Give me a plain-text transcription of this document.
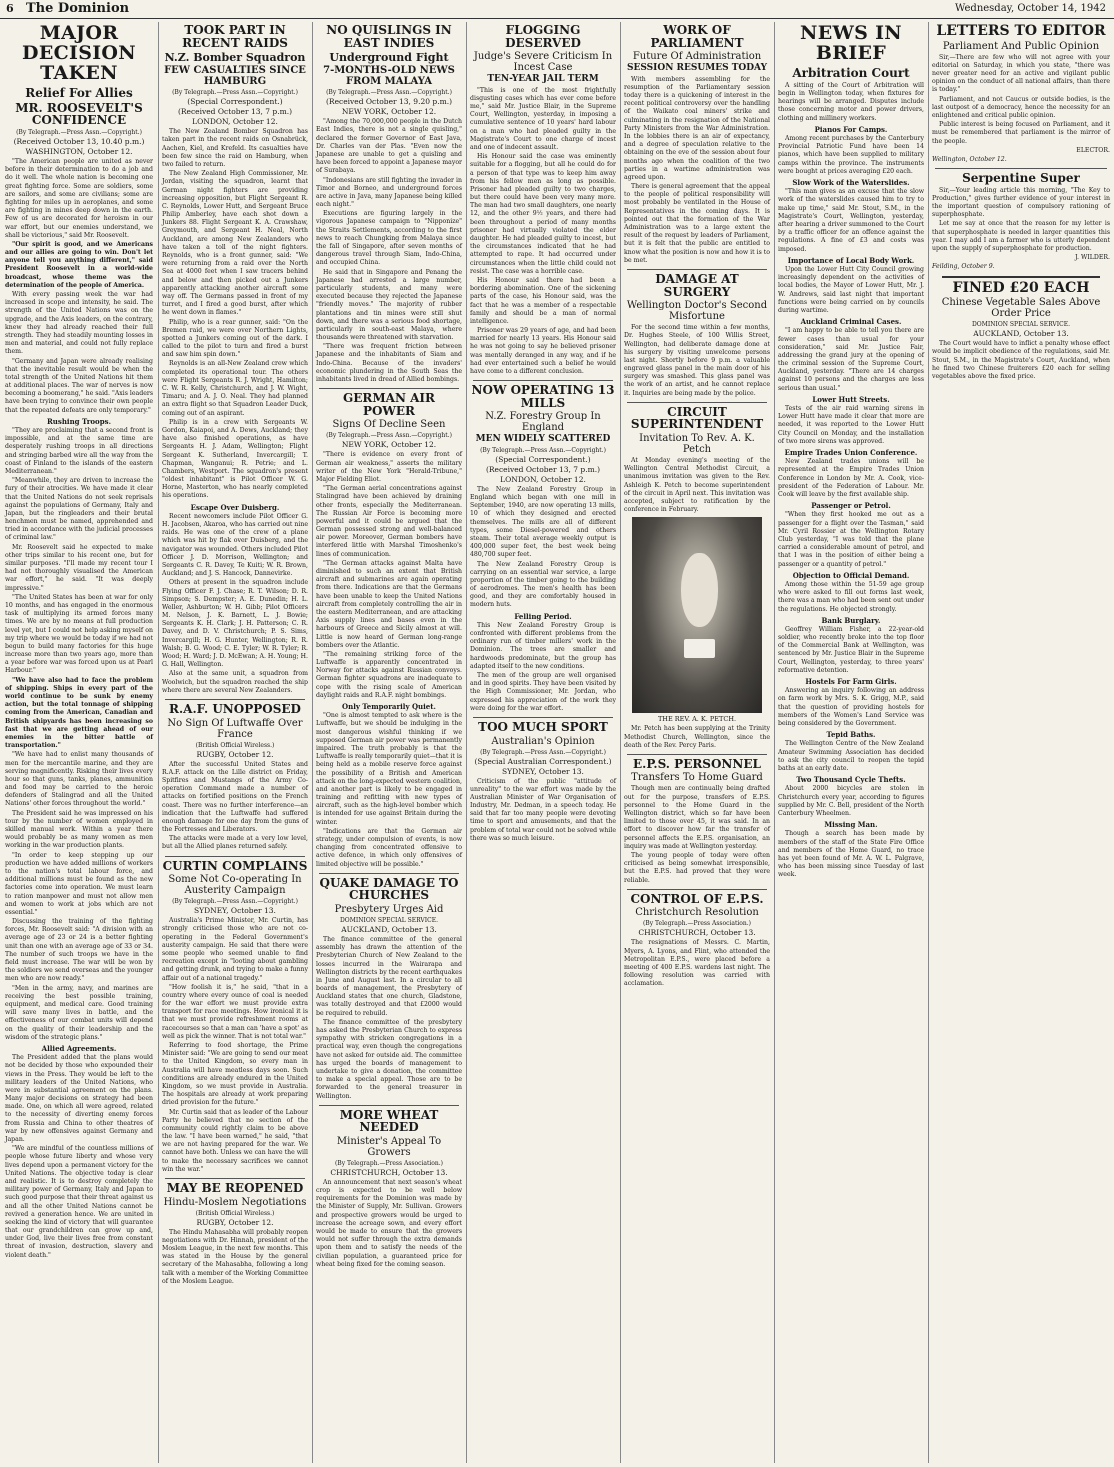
6 The Dominion	Wednesday, October 14, 1942
MAJOR DECISION TAKEN
Relief For Allies
MR. ROOSEVELT'S CONFIDENCE
(By Telegraph.—Press Assn.—Copyright.)
(Received October 13, 10.40 p.m.)
WASHINGTON, October 12.

"The American people are united as never before in their determination to do a job and do it well. The whole nation is becoming one great fighting force. Some are soldiers, some are sailors, and some are civilians; some are fighting for miles up in aeroplanes, and some are fighting in mines deep down in the earth. Few of us are decorated for heroism in our war effort, but our enemies understand, we shall be victorious," said Mr. Roosevelt.

"Our spirit is good, and we Americans and our allies are going to win. Don't let anyone tell you anything different," said President Roosevelt in a world-wide broadcast, whose theme was the determination of the people of America.

With every passing week the war had increased in scope and intensity, he said. The strength of the United Nations was on the upgrade, and the Axis leaders, on the contrary, knew they had already reached their full strength. They had steadily mounting losses in men and material, and could not fully replace them.

"Germany and Japan were already realising that the inevitable result would be when the total strength of the United Nations hit them at additional places. The war of nerves is now becoming a boomerang," he said. "Axis leaders have been trying to convince their own people that the repeated defeats are only temporary."

Rushing Troops.

"They are proclaiming that a second front is impossible, and at the same time are desperately rushing troops in all directions and stringing barbed wire all the way from the coast of Finland to the islands of the eastern Mediterranean."

"Meanwhile, they are driven to increase the fury of their atrocities. We have made it clear that the United Nations do not seek reprisals against the populations of Germany, Italy and Japan, but the ringleaders and their brutal henchmen must be named, apprehended and tried in accordance with the judicial processes of criminal law."

Mr. Roosevelt said he expected to make other trips similar to his recent one, but for similar purposes. "I'll made my recent tour I had not thoroughly visualised the American war effort," he said. "It was deeply impressive."

"The United States has been at war for only 10 months, and has engaged in the enormous task of multiplying its armed forces many times. We are by no means at full production level yet, but I could not help asking myself on my trip where we would be today if we had not begun to build many factories for this huge increase more than two years ago, more than a year before war was forced upon us at Pearl Harbour."

"We have also had to face the problem of shipping. Ships in every part of the world continue to be sunk by enemy action, but the total tonnage of shipping coming from the American, Canadian and British shipyards has been increasing so fast that we are getting ahead of our enemies in the bitter battle of transportation."

"We have had to enlist many thousands of men for the mercantile marine, and they are serving magnificently. Risking their lives every hour so that guns, tanks, planes, ammunition and food may be carried to the heroic defenders of Stalingrad and all the United Nations' other forces throughout the world."

The President said he was impressed on his tour by the number of women employed in skilled manual work. Within a year there would probably be as many women as men working in the war production plants.

"In order to keep stepping up our production we have added millions of workers to the nation's total labour force, and additional millions must be found as the new factories come into operation. We must learn to ration manpower and must not allow men and women to work at jobs which are not essential."

Discussing the training of the fighting forces, Mr. Roosevelt said: "A division with an average age of 23 or 24 is a better fighting unit than one with an average age of 33 or 34. The number of such troops we have in the field must increase. The war will be won by the soldiers we send overseas and the younger men who are now ready."

"Men in the army, navy, and marines are receiving the best possible training, equipment, and medical care. Good training will save many lives in battle, and the effectiveness of our combat units will depend on the quality of their leadership and the wisdom of the strategic plans."

Allied Agreements.

The President added that the plans would not be decided by those who expounded their views in the Press. They would be left to the military leaders of the United Nations, who were in substantial agreement on the plans. Many major decisions on strategy had been made. One, on which all were agreed, related to the necessity of diverting enemy forces from Russia and China to other theatres of war by new offensives against Germany and Japan.

"We are mindful of the countless millions of people whose future liberty and whose very lives depend upon a permanent victory for the United Nations. The objective today is clear and realistic. It is to destroy completely the military power of Germany, Italy and Japan to such good purpose that their threat against us and all the other United Nations cannot be revived a generation hence. We are united in seeking the kind of victory that will guarantee that our grandchildren can grow up and, under God, live their lives free from constant threat of invasion, destruction, slavery and violent death."

TOOK PART IN RECENT RAIDS
N.Z. Bomber Squadron
FEW CASUALTIES SINCE HAMBURG
(By Telegraph.—Press Assn.—Copyright.)
(Special Correspondent.)
(Received October 13, 7 p.m.)
LONDON, October 12.

The New Zealand Bomber Squadron has taken part in the recent raids on Osnabrück, Aachen, Kiel, and Krefeld. Its casualties have been few since the raid on Hamburg, when two failed to return.

The New Zealand High Commissioner, Mr. Jordan, visiting the squadron, learnt that German night fighters are providing increasing opposition, but Flight Sergeant R. C. Reynolds, Lower Hutt, and Sergeant Bruce Philip Amberley, have each shot down a Junkers 88. Flight Sergeant K. A. Crawshaw, Greymouth, and Sergeant H. Neal, North Auckland, are among New Zealanders who have taken a toll of the night fighters. Reynolds, who is a front gunner, said: "We were returning from a raid over the North Sea at 4000 feet when I saw tracers behind and below and then picked out a Junkers apparently attacking another aircraft some way off. The Germans passed in front of my turret, and I fired a good burst, after which he went down in flames."

Philip, who is a rear gunner, said: "On the Bremen raid, we were over Northern Lights, spotted a Junkers coming out of the dark. I called to the pilot to turn and fired a burst and saw him spin down."

Reynolds is an all-New Zealand crew which completed its operational tour. The others were Flight Sergeants R. J. Wright, Hamilton; C. W. R. Kelly, Christchurch, and J. W. Wight, Timaru; and A. J. O. Neal. They had planned an extra flight so that Squadron Leader Duck, coming out of an aspirant.

Philip is in a crew with Sergeants W. Gordon, Kaiapoi, and A. Dews, Auckland; they have also finished operations, as have Sergeants H. J. Adam, Wellington; Flight Sergeant K. Sutherland, Invercargill; T. Chapman, Wanganui; R. Petrie; and L. Chambers, Westport. The squadron's present "oldest inhabitant" is Pilot Officer W. G. Horne, Masterton, who has nearly completed his operations.

Escape Over Duisberg.

Recent newcomers include Pilot Officer G. H. Jacobsen, Akaroa, who has carried out nine raids. He was one of the crew of a plane which was hit by flak over Duisberg, and the navigator was wounded. Others included Pilot Officer J. D. Morrison, Wellington; and Sergeants C. R. Davey, Te Kuiti; W. R. Brown, Auckland; and J. S. Hancock, Dannevirke.

Others at present in the squadron include Flying Officer F. J. Chase; R. T. Wilson; D. R. Simpson; S. Dempster; A. E. Dunedin; H. L. Weller, Ashburton; W. H. Gibb; Pilot Officers M. Nelson, J. K. Barnett, L. J. Bowie; Sergeants K. H. Clark; J. H. Patterson; C. R. Davey, and D. V. Christchurch; P. S. Sims, Invercargill; H. G. Hunter, Wellington; R. R. Walsh; B. G. Wood; C. E. Tyler; W. R. Tyler; R. Wood; H. Ward; J. D. McEwan; A. H. Young; H. G. Hall, Wellington.

Also at the same unit, a squadron from Woolwich, but the squadron reached the ship where there are several New Zealanders.

R.A.F. UNOPPOSED
No Sign Of Luftwaffe Over France
(British Official Wireless.)
RUGBY, October 12.

After the successful United States and R.A.F. attack on the Lille district on Friday, Spitfires and Mustangs of the Army Co-operation Command made a number of attacks on fortified positions on the French coast. There was no further interference—an indication that the Luftwaffe had suffered enough damage for one day from the guns of the Fortresses and Liberators.

The attacks were made at a very low level, but all the Allied planes returned safely.

CURTIN COMPLAINS
Some Not Co-operating In Austerity Campaign
(By Telegraph.—Press Assn.—Copyright.)
SYDNEY, October 13.

Australia's Prime Minister, Mr. Curtin, has strongly criticised those who are not co-operating in the Federal Government's austerity campaign. He said that there were some people who seemed unable to find recreation except in "looting about gambling and getting drunk, and trying to make a funny affair out of a national tragedy."

"How foolish it is," he said, "that in a country where every ounce of coal is needed for the war effort we must provide extra transport for race meetings. How ironical it is that we must provide refreshment rooms at racecourses so that a man can 'have a spot' as well as pick the winner. That is not total war."

Referring to food shortage, the Prime Minister said: "We are going to send our meat to the United Kingdom, so every man in Australia will have meatless days soon. Such conditions are already endured in the United Kingdom, so we must provide in Australia. The hospitals are already at work preparing dried provision for the future."

Mr. Curtin said that as leader of the Labour Party he believed that no section of the community could rightly claim to be above the law. "I have been warned," he said, "that we are not having prepared for the war. We cannot have both. Unless we can have the will to make the necessary sacrifices we cannot win the war."

MAY BE REOPENED
Hindu-Moslem Negotiations
(British Official Wireless.)
RUGBY, October 12.

The Hindu Mahasabha will probably reopen negotiations with Dr. Hinnah, president of the Moslem League, in the next few months. This was stated in the House by the general secretary of the Mahasabha, following a long talk with a member of the Working Committee of the Moslem League.

NO QUISLINGS IN EAST INDIES
Underground Fight
7-MONTHS-OLD NEWS FROM MALAYA
(By Telegraph.—Press Assn.—Copyright.)
(Received October 13, 9.20 p.m.)
NEW YORK, October 12.

"Among the 70,000,000 people in the Dutch East Indies, there is not a single quisling," declared the former Governor of East Java, Dr. Charles van der Plas. "Even now the Japanese are unable to get a quisling and have been forced to appoint a Japanese mayor of Surabaya.

"Indonesians are still fighting the invader in Timor and Borneo, and underground forces are active in Java, many Japanese being killed each night."

Executions are figuring largely in the vigorous Japanese campaign to "Nipponize" the Straits Settlements, according to the first news to reach Chungking from Malaya since the fall of Singapore, after seven months of dangerous travel through Siam, Indo-China, and occupied China.

He said that in Singapore and Penang the Japanese had arrested a large number, particularly students, and many were executed because they rejected the Japanese "friendly moves." The majority of rubber plantations and tin mines were still shut down, and there was a serious food shortage, particularly in south-east Malaya, where thousands were threatened with starvation.

"There was frequent friction between Japanese and the inhabitants of Siam and Indo-China. Because of the invaders' economic plundering in the South Seas the inhabitants lived in dread of Allied bombings.

GERMAN AIR POWER
Signs Of Decline Seen
(By Telegraph.—Press Assn.—Copyright.)
NEW YORK, October 12.

"There is evidence on every front of German air weakness," asserts the military writer of the New York "Herald-Tribune," Major Fielding Eliot.

"The German aerial concentrations against Stalingrad have been achieved by draining other fronts, especially the Mediterranean. The Russian Air Force is becoming more powerful and it could be argued that the German possessed strong and well-balanced air power. Moreover, German bombers have interfered little with Marshal Timoshenko's lines of communication.

"The German attacks against Malta have diminished to such an extent that British aircraft and submarines are again operating from there. Indications are that the Germans have been unable to keep the United Nations aircraft from completely controlling the air in the eastern Mediterranean, and are attacking Axis supply lines and bases even in the harbours of Greece and Sicily almost at will. Little is now heard of German long-range bombers over the Atlantic.

"The remaining striking force of the Luftwaffe is apparently concentrated in Norway for attacks against Russian convoys. German fighter squadrons are inadequate to cope with the rising scale of American daylight raids and R.A.F. night bombings.

Only Temporarily Quiet.

"One is almost tempted to ask where is the Luftwaffe, but we should be indulging in the most dangerous wishful thinking if we supposed German air power was permanently impaired. The truth probably is that the Luftwaffe is really temporarily quiet—that it is being held as a mobile reserve force against the possibility of a British and American attack on the long-expected western coalition, and another part is likely to be engaged in training and refitting with new types of aircraft, such as the high-level bomber which is intended for use against Britain during the winter.

"Indications are that the German air strategy, under compulsion of events, is now changing from concentrated offensive to active defence, in which only offensives of limited objective will be possible."

QUAKE DAMAGE TO CHURCHES
Presbytery Urges Aid
DOMINION SPECIAL SERVICE.
AUCKLAND, October 13.

The finance committee of the general assembly has drawn the attention of the Presbyterian Church of New Zealand to the losses incurred in the Wairarapa and Wellington districts by the recent earthquakes in June and August last. In a circular to all boards of management, the Presbytery of Auckland states that one church, Gladstone, was totally destroyed and that £2000 would be required to rebuild.

The finance committee of the presbytery has asked the Presbyterian Church to express sympathy with stricken congregations in a practical way, even though the congregations have not asked for outside aid. The committee has urged the boards of management to undertake to give a donation, the committee to make a special appeal. Those are to be forwarded to the general treasurer in Wellington.

MORE WHEAT NEEDED
Minister's Appeal To Growers
(By Telegraph.—Press Association.)
CHRISTCHURCH, October 13.

An announcement that next season's wheat crop is expected to be well below requirements for the Dominion was made by the Minister of Supply, Mr. Sullivan. Growers and prospective growers would be urged to increase the acreage sown, and every effort would be made to ensure that the growers would not suffer through the extra demands upon them and to satisfy the needs of the civilian population, a guaranteed price for wheat being fixed for the coming season.

FLOGGING DESERVED
Judge's Severe Criticism In Incest Case
TEN-YEAR JAIL TERM

"This is one of the most frightfully disgusting cases which has ever come before me," said Mr. Justice Blair, in the Supreme Court, Wellington, yesterday, in imposing a cumulative sentence of 10 years' hard labour on a man who had pleaded guilty in the Magistrate's Court to one charge of incest and one of indecent assault.

His Honour said the case was eminently suitable for a flogging, but all he could do for a person of that type was to keep him away from his fellow men as long as possible. Prisoner had pleaded guilty to two charges, but there could have been very many more. The man had two small daughters, one nearly 12, and the other 9½ years, and there had been throughout a period of many months prisoner had virtually violated the elder daughter. He had pleaded guilty to incest, but the circumstances indicated that he had attempted to rape. It had occurred under circumstances when the little child could not resist. The case was a horrible case.

His Honour said there had been a bordering abomination. One of the sickening parts of the case, his Honour said, was the fact that he was a member of a respectable family and should be a man of normal intelligence.

Prisoner was 29 years of age, and had been married for nearly 13 years. His Honour said he was not going to say he believed prisoner was mentally deranged in any way, and if he had ever entertained such a belief he would have come to a different conclusion.

NOW OPERATING 13 MILLS
N.Z. Forestry Group In England
MEN WIDELY SCATTERED
(By Telegraph.—Press Assn.—Copyright.)
(Special Correspondent.)
(Received October 13, 7 p.m.)
LONDON, October 12.

The New Zealand Forestry Group in England which began with one mill in September, 1940, are now operating 13 mills, 10 of which they designed and erected themselves. The mills are all of different types, some Diesel-powered and others steam. Their total average weekly output is 400,000 super feet, the best week being 480,700 super feet.

The New Zealand Forestry Group is carrying on an essential war service, a large proportion of the timber going to the building of aerodromes. The men's health has been good, and they are comfortably housed in modern huts.

Felling Period.

This New Zealand Forestry Group is confronted with different problems from the ordinary run of timber millers' work in the Dominion. The trees are smaller and hardwoods predominate, but the group has adapted itself to the new conditions.

The men of the group are well organised and in good spirits. They have been visited by the High Commissioner, Mr. Jordan, who expressed his appreciation of the work they were doing for the war effort.

TOO MUCH SPORT
Australian's Opinion
(By Telegraph.—Press Assn.—Copyright.)
(Special Australian Correspondent.)
SYDNEY, October 13.

Criticism of the public "attitude of unreality" to the war effort was made by the Australian Minister of War Organisation of Industry, Mr. Dedman, in a speech today. He said that far too many people were devoting time to sport and amusements, and that the problem of total war could not be solved while there was so much leisure.

WORK OF PARLIAMENT
Future Of Administration
SESSION RESUMES TODAY

With members assembling for the resumption of the Parliamentary session today there is a quickening of interest in the recent political controversy over the handling of the Waikato coal miners' strike and culminating in the resignation of the National Party Ministers from the War Administration. In the lobbies there is an air of expectancy, and a degree of speculation relative to the obtaining on the eve of the session about four months ago when the coalition of the two parties in a wartime administration was agreed upon.

There is general agreement that the appeal to the people of political responsibility will most probably be ventilated in the House of Representatives in the coming days. It is pointed out that the formation of the War Administration was to a large extent the result of the request by leaders of Parliament, but it is felt that the public are entitled to know what the position is now and how it is to be met.

DAMAGE AT SURGERY
Wellington Doctor's Second Misfortune

For the second time within a few months, Dr. Hughes Steele, of 100 Willis Street, Wellington, had deliberate damage done at his surgery by visiting unwelcome persons last night. Shortly before 9 p.m. a valuable engraved glass panel in the main door of his surgery was smashed. This glass panel was the work of an artist, and he cannot replace it. Inquiries are being made by the police.

CIRCUIT SUPERINTENDENT
Invitation To Rev. A. K. Petch

At Monday evening's meeting of the Wellington Central Methodist Circuit, a unanimous invitation was given to the Rev. Ashleigh K. Petch to become superintendent of the circuit in April next. This invitation was accepted, subject to ratification by the conference in February.

THE REV. A. K. PETCH.

Mr. Petch has been supplying at the Trinity Methodist Church, Wellington, since the death of the Rev. Percy Paris.

E.P.S. PERSONNEL
Transfers To Home Guard

Though men are continually being drafted out for the purpose, transfers of E.P.S. personnel to the Home Guard in the Wellington district, which so far have been limited to those over 45, it was said. In an effort to discover how far the transfer of personnel affects the E.P.S. organisation, an inquiry was made at Wellington yesterday.

The young people of today were often criticised as being somewhat irresponsible, but the E.P.S. had proved that they were reliable.

CONTROL OF E.P.S.
Christchurch Resolution
(By Telegraph.—Press Association.)
CHRISTCHURCH, October 13.

The resignations of Messrs. C. Martin, Myers, A. Lyons, and Flint, who attended the Metropolitan E.P.S., were placed before a meeting of 400 E.P.S. wardens last night. The following resolution was carried with acclamation.

NEWS IN BRIEF
Arbitration Court

A sitting of the Court of Arbitration will begin in Wellington today, when fixtures for hearings will be arranged. Disputes include those concerning motor and power drivers, clothing and millinery workers.

Pianos For Camps.

Among recent purchases by the Canterbury Provincial Patriotic Fund have been 14 pianos, which have been supplied to military camps within the province. The instruments were bought at prices averaging £20 each.

Slow Work of the Waterslides.

"This man gives as an excuse that the slow work of the waterslides caused him to try to make up time," said Mr. Stout, S.M., in the Magistrate's Court, Wellington, yesterday, after hearing a driver summoned to the Court by a traffic officer for an offence against the regulations. A fine of £3 and costs was imposed.

Importance of Local Body Work.

Upon the Lower Hutt City Council growing increasingly dependent on the activities of local bodies, the Mayor of Lower Hutt, Mr. J. W. Andrews, said last night that important functions were being carried on by councils during wartime.

Auckland Criminal Cases.

"I am happy to be able to tell you there are fewer cases than usual for your consideration," said Mr. Justice Fair, addressing the grand jury at the opening of the criminal session of the Supreme Court, Auckland, yesterday. "There are 14 charges against 10 persons and the charges are less serious than usual."

Lower Hutt Streets.

Tests of the air raid warning sirens in Lower Hutt have made it clear that more are needed, it was reported to the Lower Hutt City Council on Monday, and the installation of two more sirens was approved.

Empire Trades Union Conference.

New Zealand trades unions will be represented at the Empire Trades Union Conference in London by Mr. A. Cook, vice-president of the Federation of Labour. Mr. Cook will leave by the first available ship.

Passenger or Petrol.

"When they first hooked me out as a passenger for a flight over the Tasman," said Mr. Cyril Rossier at the Wellington Rotary Club yesterday, "I was told that the plane carried a considerable amount of petrol, and that I was in the position of either being a passenger or a quantity of petrol."

Objection to Official Demand.

Among those within the 51-59 age group who were asked to fill out forms last week, there was a man who had been sent out under the regulations. He objected strongly.

Bank Burglary.

Geoffrey William Fisher, a 22-year-old soldier, who recently broke into the top floor of the Commercial Bank at Wellington, was sentenced by Mr. Justice Blair in the Supreme Court, Wellington, yesterday, to three years' reformative detention.

Hostels For Farm Girls.

Answering an inquiry following an address on farm work by Mrs. S. K. Grigg, M.P., said that the question of providing hostels for members of the Women's Land Service was being considered by the Government.

Tepid Baths.

The Wellington Centre of the New Zealand Amateur Swimming Association has decided to ask the city council to reopen the tepid baths at an early date.

Two Thousand Cycle Thefts.

About 2000 bicycles are stolen in Christchurch every year, according to figures supplied by Mr. C. Bell, president of the North Canterbury Wheelmen.

Missing Man.

Though a search has been made by members of the staff of the State Fire Office and members of the Home Guard, no trace has yet been found of Mr. A. W. L. Palgrave, who has been missing since Tuesday of last week.

LETTERS TO EDITOR
Parliament And Public Opinion

Sir,—There are few who will not agree with your editorial on Saturday, in which you state, "there was never greater need for an active and vigilant public opinion on the conduct of all national affairs, than there is today."

Parliament, and not Caucus or outside bodies, is the last outpost of a democracy, hence the necessity for an enlightened and critical public opinion.

Public interest is being focused on Parliament, and it must be remembered that parliament is the mirror of the people.

ELECTOR.

Wellington, October 12.

Serpentine Super

Sir,—Your leading article this morning, "The Key to Production," gives further evidence of your interest in the important question of compulsory rationing of superphosphate.

Let me say at once that the reason for my letter is that superphosphate is needed in larger quantities this year. I may add I am a farmer who is utterly dependent upon the supply of superphosphate for production.

J. WILDER.

Feilding, October 9.

FINED £20 EACH
Chinese Vegetable Sales Above Order Price
DOMINION SPECIAL SERVICE.
AUCKLAND, October 13.

The Court would have to inflict a penalty whose effect would be implicit obedience of the regulations, said Mr. Stout, S.M., in the Magistrate's Court, Auckland, when he fined two Chinese fruiterers £20 each for selling vegetables above the fixed price.
